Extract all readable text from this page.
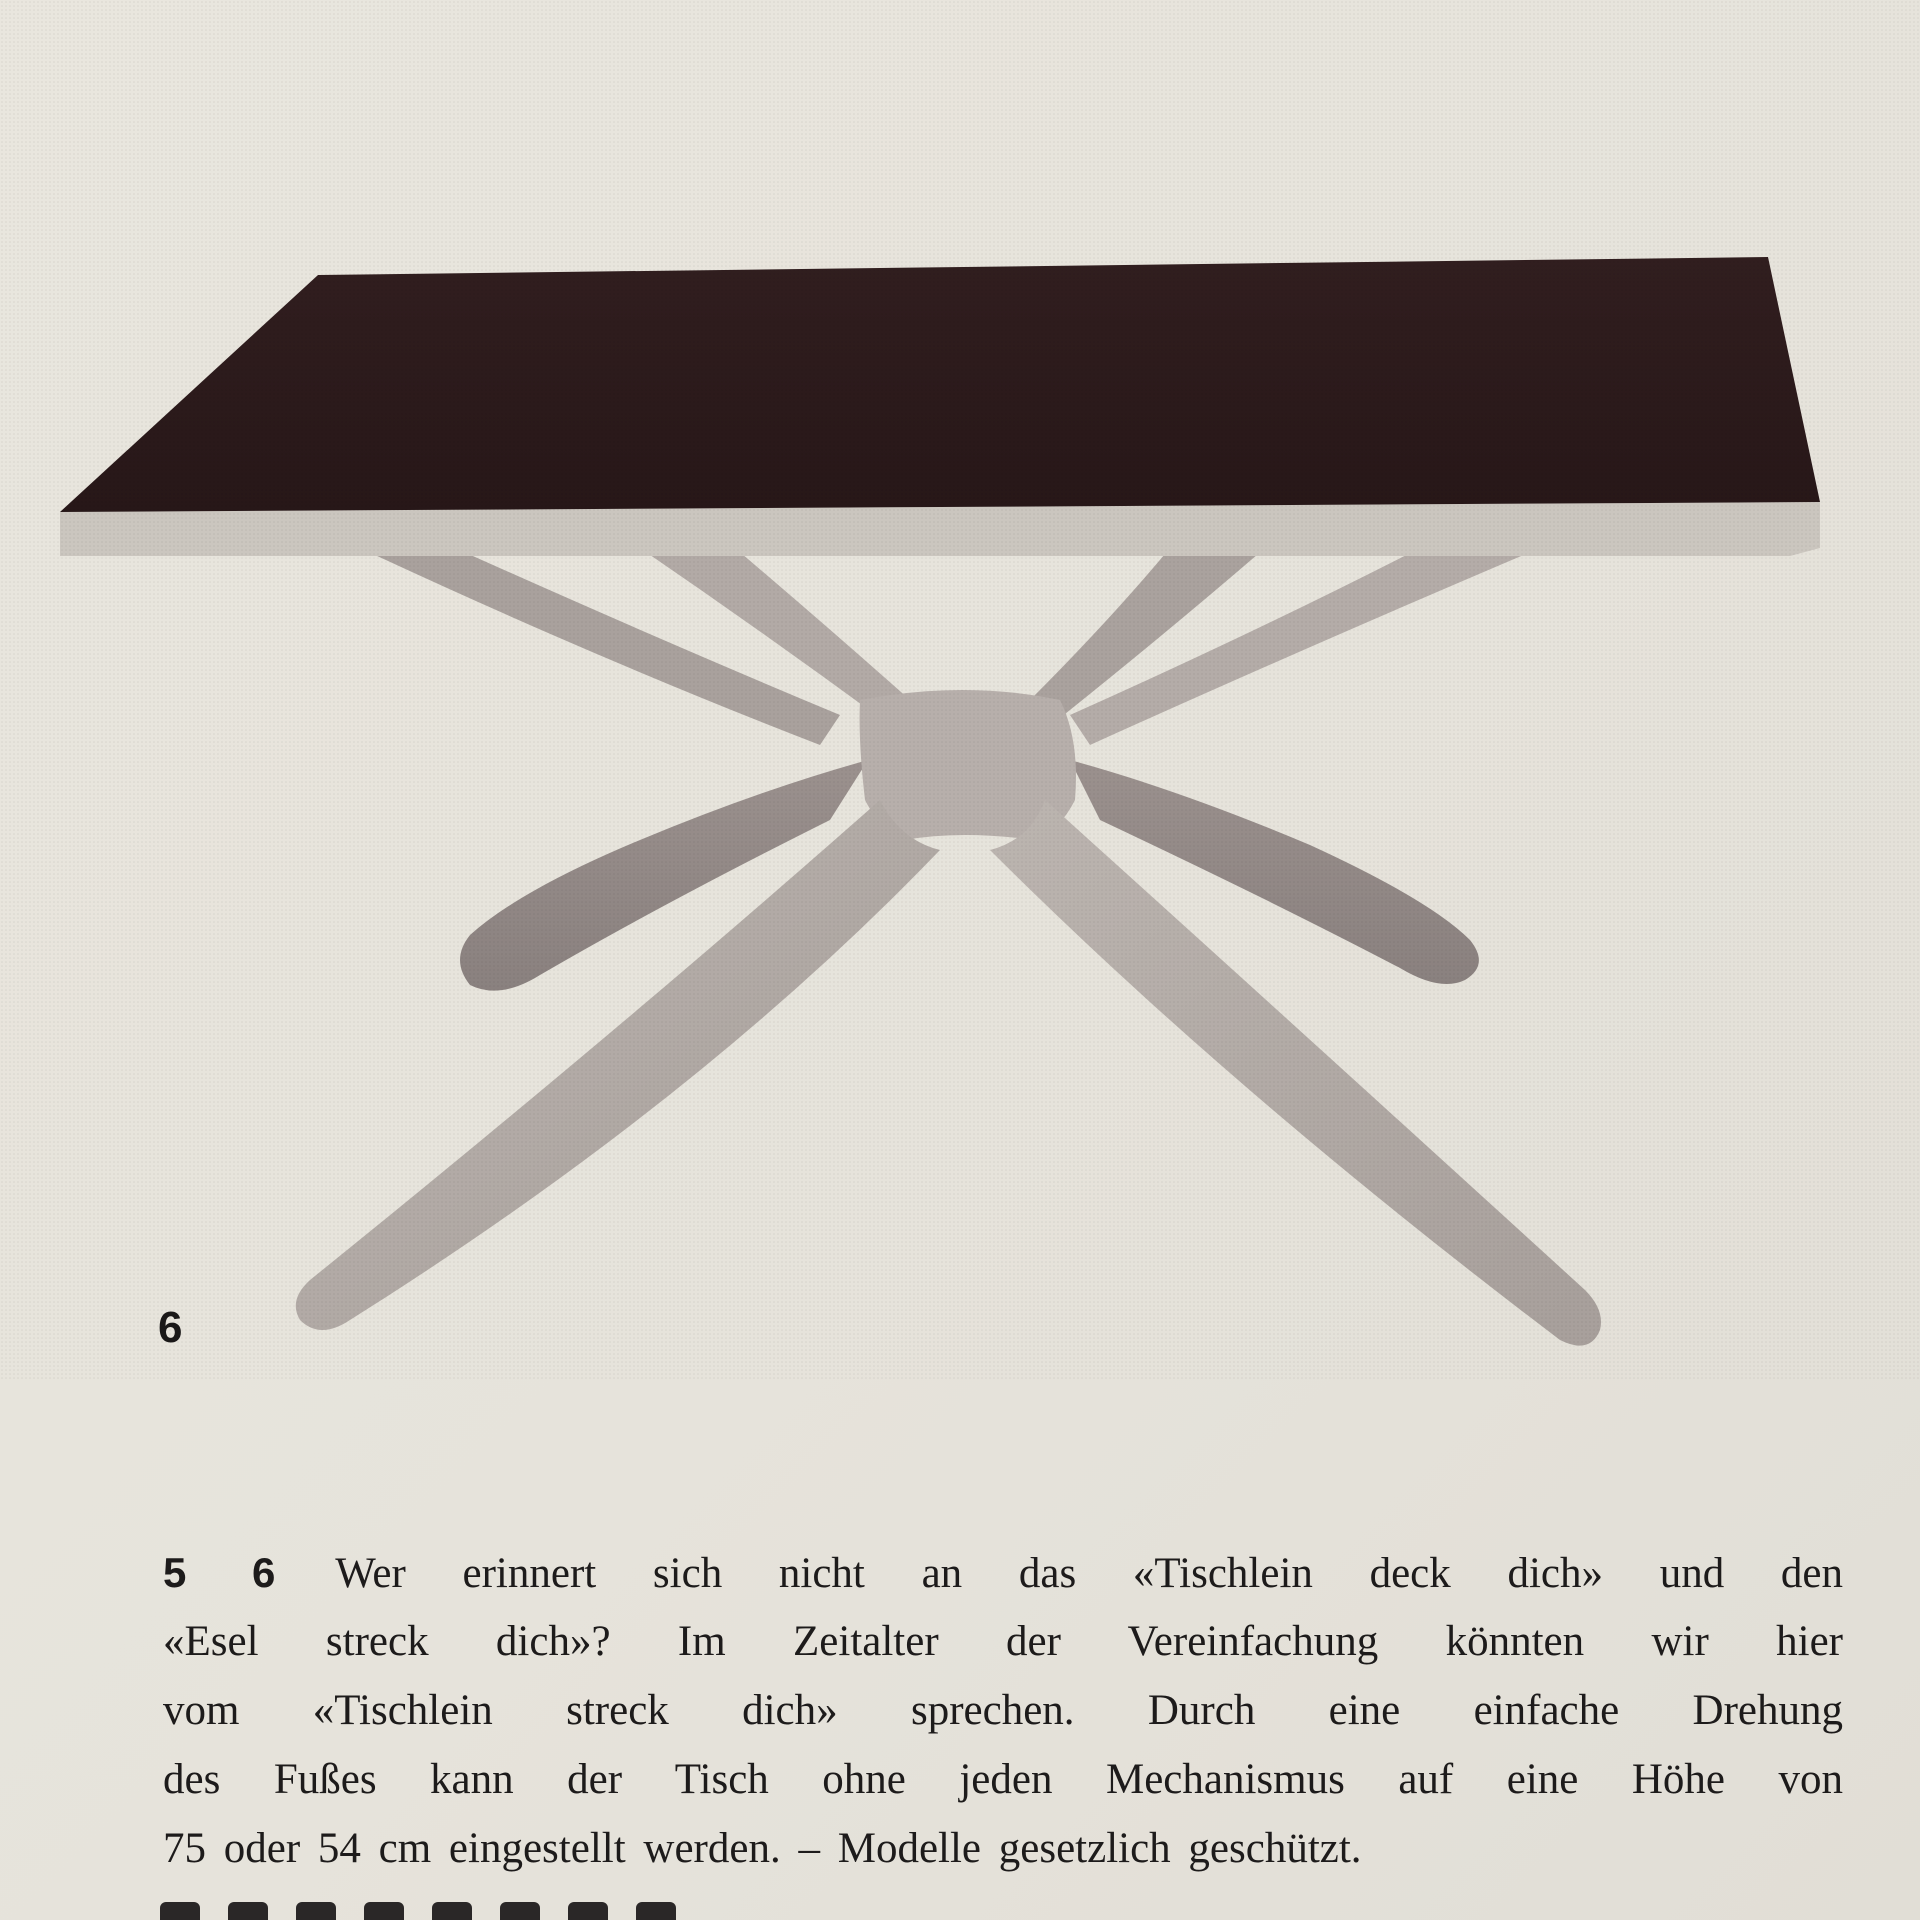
6
5 6 Wer erinnert sich nicht an das «Tischlein deck dich» und den
«Esel streck dich»? Im Zeitalter der Vereinfachung könnten wir hier
vom «Tischlein streck dich» sprechen. Durch eine einfache Drehung
des Fußes kann der Tisch ohne jeden Mechanismus auf eine Höhe von
75 oder 54 cm eingestellt werden. – Modelle gesetzlich geschützt.
